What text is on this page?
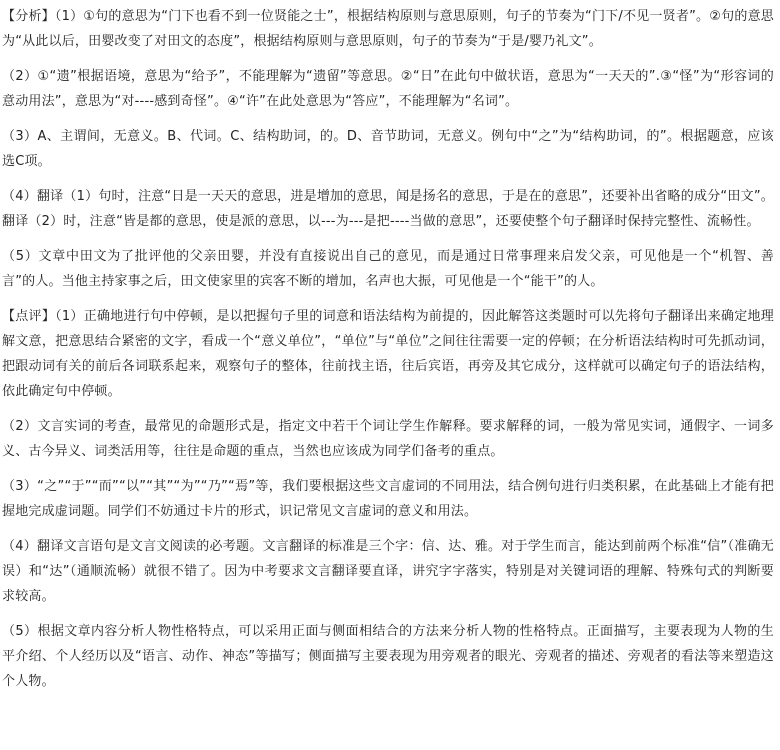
【分析】（1）①句的意思为“门下也看不到一位贤能之士”，根据结构原则与意思原则，句子的节奏为“门下/不见一贤者”。②句的意思为“从此以后，田婴改变了对田文的态度”，根据结构原则与意思原则，句子的节奏为“于是/婴乃礼文”。

（2）①“遗”根据语境，意思为“给予”，不能理解为“遗留”等意思。②“日”在此句中做状语，意思为“一天天的”.③“怪”为“形容词的意动用法”，意思为“对----感到奇怪”。④“许”在此处意思为“答应”，不能理解为“名词”。

（3）A、主谓间，无意义。B、代词。C、结构助词，的。D、音节助词，无意义。例句中“之”为“结构助词，的”。根据题意，应该选C项。

（4）翻译（1）句时，注意“日是一天天的意思，进是增加的意思，闻是扬名的意思，于是在的意思”，还要补出省略的成分“田文”。翻译（2）时，注意“皆是都的意思，使是派的意思，以---为---是把----当做的意思”，还要使整个句子翻译时保持完整性、流畅性。

（5）文章中田文为了批评他的父亲田婴，并没有直接说出自己的意见，而是通过日常事理来启发父亲，可见他是一个“机智、善言”的人。当他主持家事之后，田文使家里的宾客不断的增加，名声也大振，可见他是一个“能干”的人。

【点评】（1）正确地进行句中停顿，是以把握句子里的词意和语法结构为前提的，因此解答这类题时可以先将句子翻译出来确定地理解文意，把意思结合紧密的文字，看成一个“意义单位”，“单位”与“单位”之间往往需要一定的停顿；在分析语法结构时可先抓动词，把跟动词有关的前后各词联系起来，观察句子的整体，往前找主语，往后宾语，再旁及其它成分，这样就可以确定句子的语法结构，依此确定句中停顿。

（2）文言实词的考查，最常见的命题形式是，指定文中若干个词让学生作解释。要求解释的词，一般为常见实词，通假字、一词多义、古今异义、词类活用等，往往是命题的重点，当然也应该成为同学们备考的重点。

（3）“之”“于”“而”“以”“其”“为”“乃”“焉”等，我们要根据这些文言虚词的不同用法，结合例句进行归类积累，在此基础上才能有把握地完成虚词题。同学们不妨通过卡片的形式，识记常见文言虚词的意义和用法。

（4）翻译文言语句是文言文阅读的必考题。文言翻译的标准是三个字：信、达、雅。对于学生而言，能达到前两个标准“信”（准确无误）和“达”（通顺流畅）就很不错了。因为中考要求文言翻译要直译，讲究字字落实，特别是对关键词语的理解、特殊句式的判断要求较高。

（5）根据文章内容分析人物性格特点，可以采用正面与侧面相结合的方法来分析人物的性格特点。正面描写，主要表现为人物的生平介绍、个人经历以及“语言、动作、神态”等描写；侧面描写主要表现为用旁观者的眼光、旁观者的描述、旁观者的看法等来塑造这个人物。
